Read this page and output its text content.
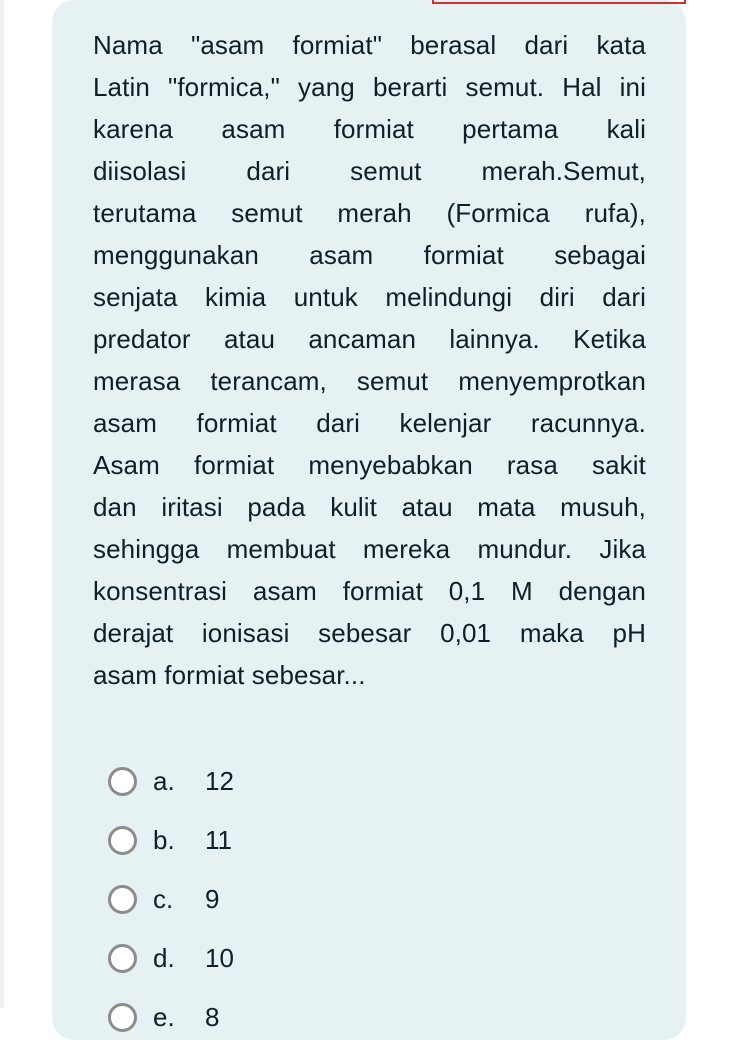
Nama "asam formiat" berasal dari kata
Latin "formica," yang berarti semut. Hal ini
karena asam formiat pertama kali
diisolasi dari semut merah.Semut,
terutama semut merah (Formica rufa),
menggunakan asam formiat sebagai
senjata kimia untuk melindungi diri dari
predator atau ancaman lainnya. Ketika
merasa terancam, semut menyemprotkan
asam formiat dari kelenjar racunnya.
Asam formiat menyebabkan rasa sakit
dan iritasi pada kulit atau mata musuh,
sehingga membuat mereka mundur. Jika
konsentrasi asam formiat 0,1 M dengan
derajat ionisasi sebesar 0,01 maka pH
asam formiat sebesar...
a. 12
b. 11
c. 9
d. 10
e. 8
